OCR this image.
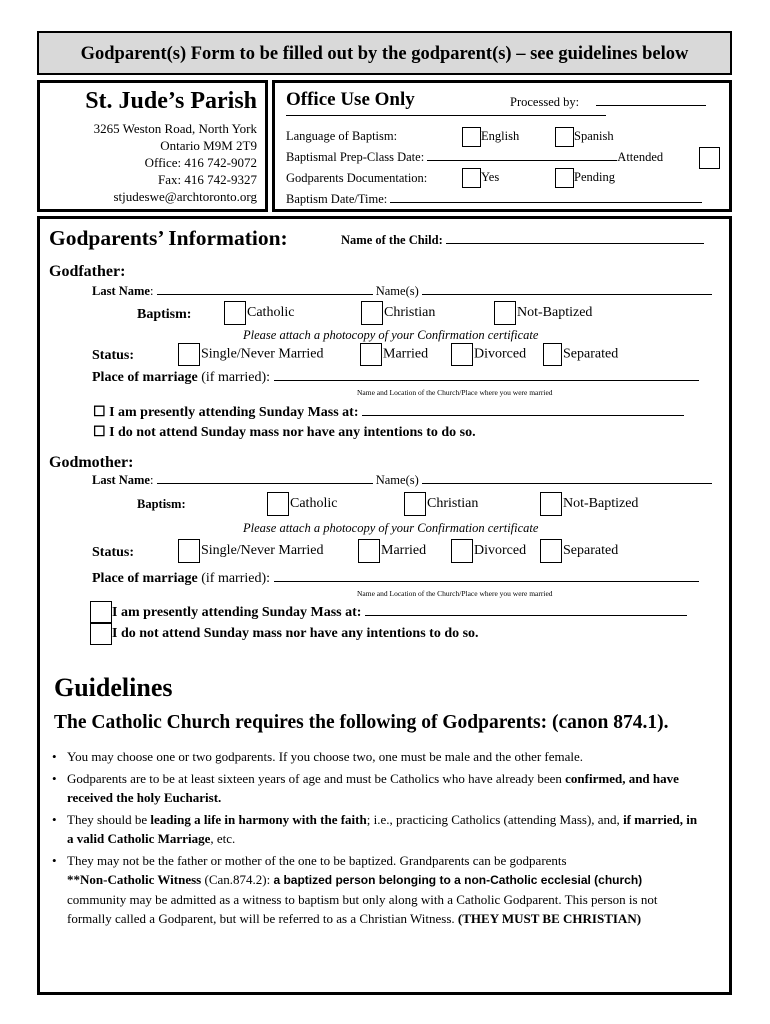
Godparent(s) Form to be filled out by the godparent(s) – see guidelines below
St. Jude’s Parish
3265 Weston Road, North York
Ontario M9M 2T9
Office: 416 742-9072
Fax: 416 742-9327
stjudeswe@archtoronto.org
Office Use Only	Processed by:
Language of Baptism:	English	Spanish
Baptismal Prep-Class Date:	Attended
Godparents Documentation:	Yes	Pending
Baptism Date/Time:
Godparents’ Information:	Name of the Child:
Godfather:
Last Name:	Name(s)
Baptism:	Catholic	Christian	Not-Baptized
Please attach a photocopy of your Confirmation certificate
Status:	Single/Never Married	Married	Divorced	Separated
Place of marriage (if married):
Name and Location of the Church/Place where you were married
☐ I am presently attending Sunday Mass at:
☐ I do not attend Sunday mass nor have any intentions to do so.
Godmother:
Last Name:	Name(s)
Baptism:	Catholic	Christian	Not-Baptized
Please attach a photocopy of your Confirmation certificate
Status:	Single/Never Married	Married	Divorced	Separated
Place of marriage (if married):
Name and Location of the Church/Place where you were married
I am presently attending Sunday Mass at:
I do not attend Sunday mass nor have any intentions to do so.
Guidelines
The Catholic Church requires the following of Godparents: (canon 874.1).
• You may choose one or two godparents. If you choose two, one must be male and the other female.
• Godparents are to be at least sixteen years of age and must be Catholics who have already been confirmed, and have received the holy Eucharist.
• They should be leading a life in harmony with the faith; i.e., practicing Catholics (attending Mass), and, if married, in a valid Catholic Marriage, etc.
• They may not be the father or mother of the one to be baptized. Grandparents can be godparents
**Non-Catholic Witness (Can.874.2): a baptized person belonging to a non-Catholic ecclesial (church) community may be admitted as a witness to baptism but only along with a Catholic Godparent. This person is not formally called a Godparent, but will be referred to as a Christian Witness. (THEY MUST BE CHRISTIAN)
